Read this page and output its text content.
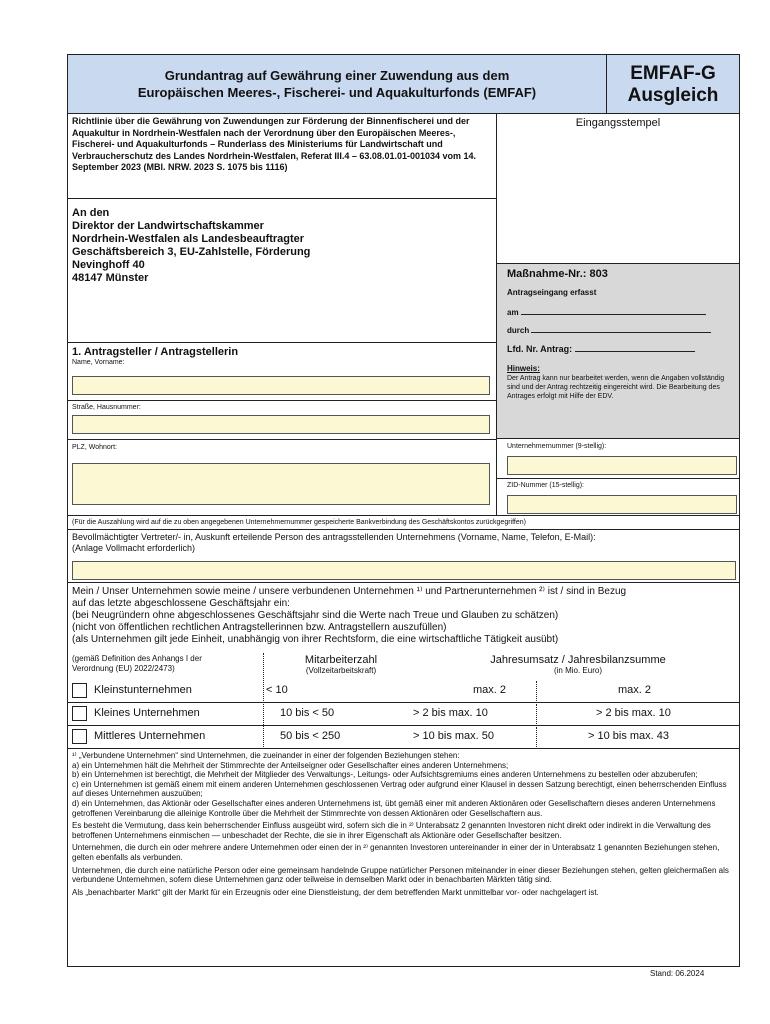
Grundantrag auf Gewährung einer Zuwendung aus dem
Europäischen Meeres-, Fischerei- und Aquakulturfonds (EMFAF)
EMFAF-G
Ausgleich
Richtlinie über die Gewährung von Zuwendungen zur Förderung der Binnenfischerei und der Aquakultur in Nordrhein-Westfalen nach der Verordnung über den Europäischen Meeres-, Fischerei- und Aquakulturfonds – Runderlass des Ministeriums für Landwirtschaft und Verbraucherschutz des Landes Nordrhein-Westfalen, Referat III.4 – 63.08.01.01-001034 vom 14. September 2023 (MBl. NRW. 2023 S. 1075 bis 1116)
Eingangsstempel
An den
Direktor der Landwirtschaftskammer
Nordrhein-Westfalen als Landesbeauftragter
Geschäftsbereich 3, EU-Zahlstelle, Förderung
Nevinghoff 40
48147 Münster	Maßnahme-Nr.: 803
Antragseingang erfasst
am
durch
Lfd. Nr. Antrag:
Hinweis:
Der Antrag kann nur bearbeitet werden, wenn die Angaben vollständig sind und der Antrag rechtzeitig eingereicht wird. Die Bearbeitung des Antrages erfolgt mit Hilfe der EDV.
1. Antragsteller / Antragstellerin
Name, Vorname:
Straße, Hausnummer:
PLZ, Wohnort:	Unternehmernummer (9-stellig):
ZID-Nummer (15-stellig):
(Für die Auszahlung wird auf die zu oben angegebenen Unternehmernummer gespeicherte Bankverbindung des Geschäftskontos zurückgegriffen)
Bevollmächtigter Vertreter/- in, Auskunft erteilende Person des antragsstellenden Unternehmens (Vorname, Name, Telefon, E-Mail):
(Anlage Vollmacht erforderlich)
Mein / Unser Unternehmen sowie meine / unsere verbundenen Unternehmen ¹⁾ und Partnerunternehmen ²⁾ ist / sind in Bezug
auf das letzte abgeschlossene Geschäftsjahr ein:
(bei Neugründern ohne abgeschlossenes Geschäftsjahr sind die Werte nach Treue und Glauben zu schätzen)
(nicht von öffentlichen rechtlichen Antragstellerinnen bzw. Antragstellern auszufüllen)
(als Unternehmen gilt jede Einheit, unabhängig von ihrer Rechtsform, die eine wirtschaftliche Tätigkeit ausübt)
(gemäß Definition des Anhangs I der
Verordnung (EU) 2022/2473)
Mitarbeiterzahl
(Vollzeitarbeitskraft)
Jahresumsatz / Jahresbilanzsumme
(in Mio. Euro)
Kleinstunternehmen	< 10	max. 2	max. 2
Kleines Unternehmen	10 bis < 50	> 2 bis max. 10	> 2 bis max. 10
Mittleres Unternehmen	50 bis < 250	> 10 bis max. 50	> 10 bis max. 43
¹⁾ „Verbundene Unternehmen“ sind Unternehmen, die zueinander in einer der folgenden Beziehungen stehen:
a) ein Unternehmen hält die Mehrheit der Stimmrechte der Anteilseigner oder Gesellschafter eines anderen Unternehmens;
b) ein Unternehmen ist berechtigt, die Mehrheit der Mitglieder des Verwaltungs-, Leitungs- oder Aufsichtsgremiums eines anderen Unternehmens zu bestellen oder abzuberufen;
c) ein Unternehmen ist gemäß einem mit einem anderen Unternehmen geschlossenen Vertrag oder aufgrund einer Klausel in dessen Satzung berechtigt, einen beherrschenden Einfluss auf dieses Unternehmen auszuüben;
d) ein Unternehmen, das Aktionär oder Gesellschafter eines anderen Unternehmens ist, übt gemäß einer mit anderen Aktionären oder Gesellschaftern dieses anderen Unternehmens getroffenen Vereinbarung die alleinige Kontrolle über die Mehrheit der Stimmrechte von dessen Aktionären oder Gesellschaftern aus.
Es besteht die Vermutung, dass kein beherrschender Einfluss ausgeübt wird, sofern sich die in ²⁾ Unterabsatz 2 genannten Investoren nicht direkt oder indirekt in die Verwaltung des betroffenen Unternehmens einmischen — unbeschadet der Rechte, die sie in ihrer Eigenschaft als Aktionäre oder Gesellschafter besitzen.
Unternehmen, die durch ein oder mehrere andere Unternehmen oder einen der in ²⁾ genannten Investoren untereinander in einer der in Unterabsatz 1 genannten Beziehungen stehen, gelten ebenfalls als verbunden.
Unternehmen, die durch eine natürliche Person oder eine gemeinsam handelnde Gruppe natürlicher Personen miteinander in einer dieser Beziehungen stehen, gelten gleichermaßen als verbundene Unternehmen, sofern diese Unternehmen ganz oder teilweise in demselben Markt oder in benachbarten Märkten tätig sind.
Als „benachbarter Markt“ gilt der Markt für ein Erzeugnis oder eine Dienstleistung, der dem betreffenden Markt unmittelbar vor- oder nachgelagert ist.
Stand: 06.2024
